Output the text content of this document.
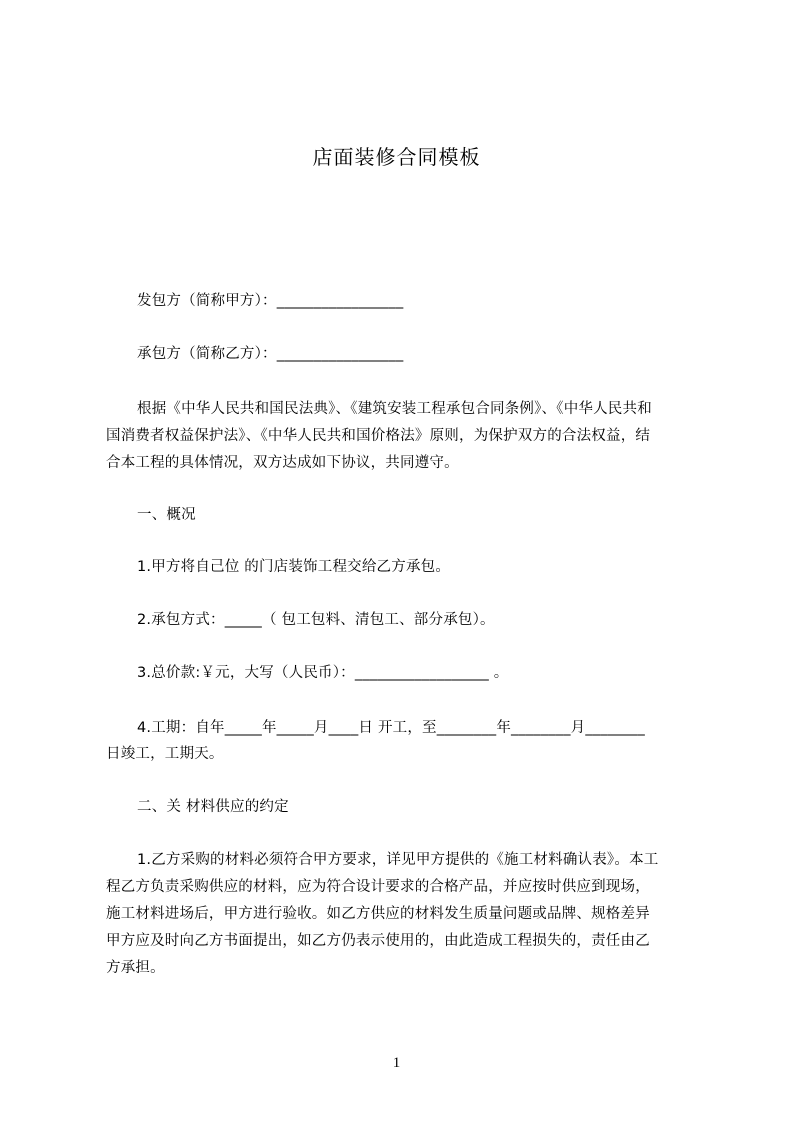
店面装修合同模板
发包方（简称甲方）：_________________
承包方（简称乙方）：_________________
根据《中华人民共和国民法典》、《建筑安装工程承包合同条例》、《中华人民共和
国消费者权益保护法》、《中华人民共和国价格法》原则，为保护双方的合法权益，结
合本工程的具体情况，双方达成如下协议，共同遵守。
一、概况
1.甲方将自己位 的门店装饰工程交给乙方承包。
2.承包方式：_____（ 包工包料、清包工、部分承包）。
3.总价款:￥元，大写（人民币）：__________________ 。
4.工期：自年_____年_____月____日 开工，至________年________月________
日竣工，工期天。
二、关 材料供应的约定
1.乙方采购的材料必须符合甲方要求，详见甲方提供的《施工材料确认表》。本工
程乙方负责采购供应的材料，应为符合设计要求的合格产品，并应按时供应到现场，
施工材料进场后，甲方进行验收。如乙方供应的材料发生质量问题或品牌、规格差异
甲方应及时向乙方书面提出，如乙方仍表示使用的，由此造成工程损失的，责任由乙
方承担。
1
